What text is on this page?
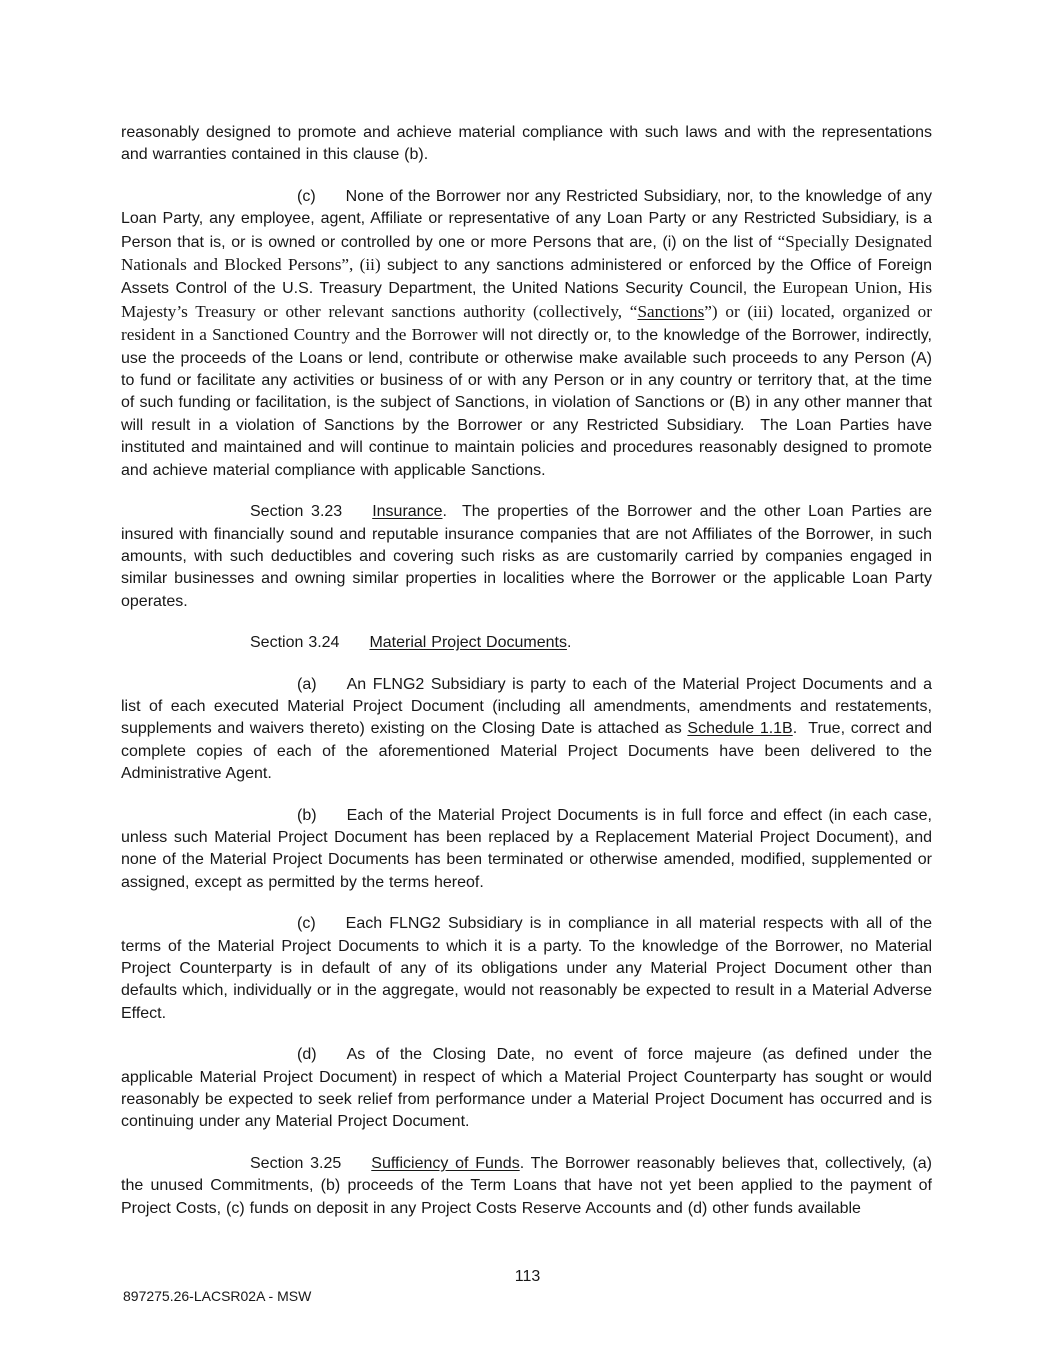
reasonably designed to promote and achieve material compliance with such laws and with the representations and warranties contained in this clause (b).

(c) None of the Borrower nor any Restricted Subsidiary, nor, to the knowledge of any Loan Party, any employee, agent, Affiliate or representative of any Loan Party or any Restricted Subsidiary, is a Person that is, or is owned or controlled by one or more Persons that are, (i) on the list of “Specially Designated Nationals and Blocked Persons”, (ii) subject to any sanctions administered or enforced by the Office of Foreign Assets Control of the U.S. Treasury Department, the United Nations Security Council, the European Union, His Majesty’s Treasury or other relevant sanctions authority (collectively, “Sanctions”) or (iii) located, organized or resident in a Sanctioned Country and the Borrower will not directly or, to the knowledge of the Borrower, indirectly, use the proceeds of the Loans or lend, contribute or otherwise make available such proceeds to any Person (A) to fund or facilitate any activities or business of or with any Person or in any country or territory that, at the time of such funding or facilitation, is the subject of Sanctions, in violation of Sanctions or (B) in any other manner that will result in a violation of Sanctions by the Borrower or any Restricted Subsidiary.  The Loan Parties have instituted and maintained and will continue to maintain policies and procedures reasonably designed to promote and achieve material compliance with applicable Sanctions.

Section 3.23 Insurance.  The properties of the Borrower and the other Loan Parties are insured with financially sound and reputable insurance companies that are not Affiliates of the Borrower, in such amounts, with such deductibles and covering such risks as are customarily carried by companies engaged in similar businesses and owning similar properties in localities where the Borrower or the applicable Loan Party operates.

Section 3.24 Material Project Documents.

(a) An FLNG2 Subsidiary is party to each of the Material Project Documents and a list of each executed Material Project Document (including all amendments, amendments and restatements, supplements and waivers thereto) existing on the Closing Date is attached as Schedule 1.1B.  True, correct and complete copies of each of the aforementioned Material Project Documents have been delivered to the Administrative Agent.

(b) Each of the Material Project Documents is in full force and effect (in each case, unless such Material Project Document has been replaced by a Replacement Material Project Document), and none of the Material Project Documents has been terminated or otherwise amended, modified, supplemented or assigned, except as permitted by the terms hereof.

(c) Each FLNG2 Subsidiary is in compliance in all material respects with all of the terms of the Material Project Documents to which it is a party. To the knowledge of the Borrower, no Material Project Counterparty is in default of any of its obligations under any Material Project Document other than defaults which, individually or in the aggregate, would not reasonably be expected to result in a Material Adverse Effect.

(d) As of the Closing Date, no event of force majeure (as defined under the applicable Material Project Document) in respect of which a Material Project Counterparty has sought or would reasonably be expected to seek relief from performance under a Material Project Document has occurred and is continuing under any Material Project Document.

Section 3.25 Sufficiency of Funds. The Borrower reasonably believes that, collectively, (a) the unused Commitments, (b) proceeds of the Term Loans that have not yet been applied to the payment of Project Costs, (c) funds on deposit in any Project Costs Reserve Accounts and (d) other funds available

113
897275.26-LACSR02A - MSW
